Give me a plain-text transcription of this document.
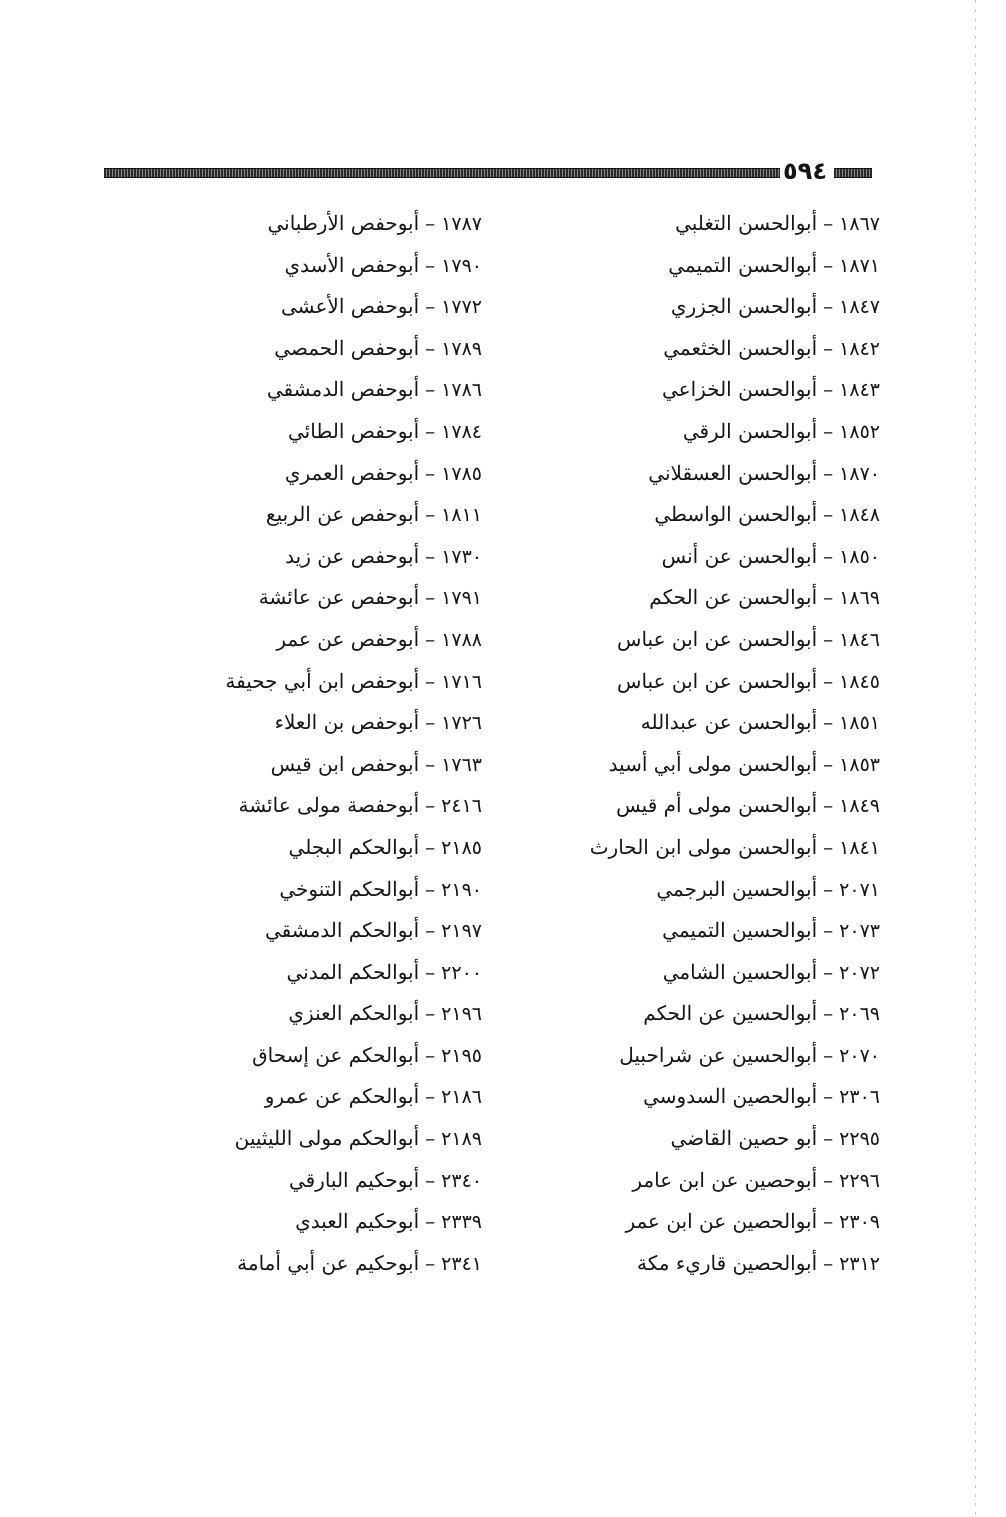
٥٩٤
١٨٦٧–أبوالحسن التغلبي
١٨٧١–أبوالحسن التميمي
١٨٤٧–أبوالحسن الجزري
١٨٤٢–أبوالحسن الخثعمي
١٨٤٣–أبوالحسن الخزاعي
١٨٥٢–أبوالحسن الرقي
١٨٧٠–أبوالحسن العسقلاني
١٨٤٨–أبوالحسن الواسطي
١٨٥٠–أبوالحسن عن أنس
١٨٦٩–أبوالحسن عن الحكم
١٨٤٦–أبوالحسن عن ابن عباس
١٨٤٥–أبوالحسن عن ابن عباس
١٨٥١–أبوالحسن عن عبدالله
١٨٥٣–أبوالحسن مولى أبي أسيد
١٨٤٩–أبوالحسن مولى أم قيس
١٨٤١–أبوالحسن مولى ابن الحارث
٢٠٧١–أبوالحسين البرجمي
٢٠٧٣–أبوالحسين التميمي
٢٠٧٢–أبوالحسين الشامي
٢٠٦٩–أبوالحسين عن الحكم
٢٠٧٠–أبوالحسين عن شراحبيل
٢٣٠٦–أبوالحصين السدوسي
٢٢٩٥–أبو حصين القاضي
٢٢٩٦–أبوحصين عن ابن عامر
٢٣٠٩–أبوالحصين عن ابن عمر
٢٣١٢–أبوالحصين قاريء مكة
١٧٨٧–أبوحفص الأرطباني
١٧٩٠–أبوحفص الأسدي
١٧٧٢–أبوحفص الأعشى
١٧٨٩–أبوحفص الحمصي
١٧٨٦–أبوحفص الدمشقي
١٧٨٤–أبوحفص الطائي
١٧٨٥–أبوحفص العمري
١٨١١–أبوحفص عن الربيع
١٧٣٠–أبوحفص عن زيد
١٧٩١–أبوحفص عن عائشة
١٧٨٨–أبوحفص عن عمر
١٧١٦–أبوحفص ابن أبي جحيفة
١٧٢٦–أبوحفص بن العلاء
١٧٦٣–أبوحفص ابن قيس
٢٤١٦–أبوحفصة مولى عائشة
٢١٨٥–أبوالحكم البجلي
٢١٩٠–أبوالحكم التنوخي
٢١٩٧–أبوالحكم الدمشقي
٢٢٠٠–أبوالحكم المدني
٢١٩٦–أبوالحكم العنزي
٢١٩٥–أبوالحكم عن إسحاق
٢١٨٦–أبوالحكم عن عمرو
٢١٨٩–أبوالحكم مولى الليثيين
٢٣٤٠–أبوحكيم البارقي
٢٣٣٩–أبوحكيم العبدي
٢٣٤١–أبوحكيم عن أبي أمامة
